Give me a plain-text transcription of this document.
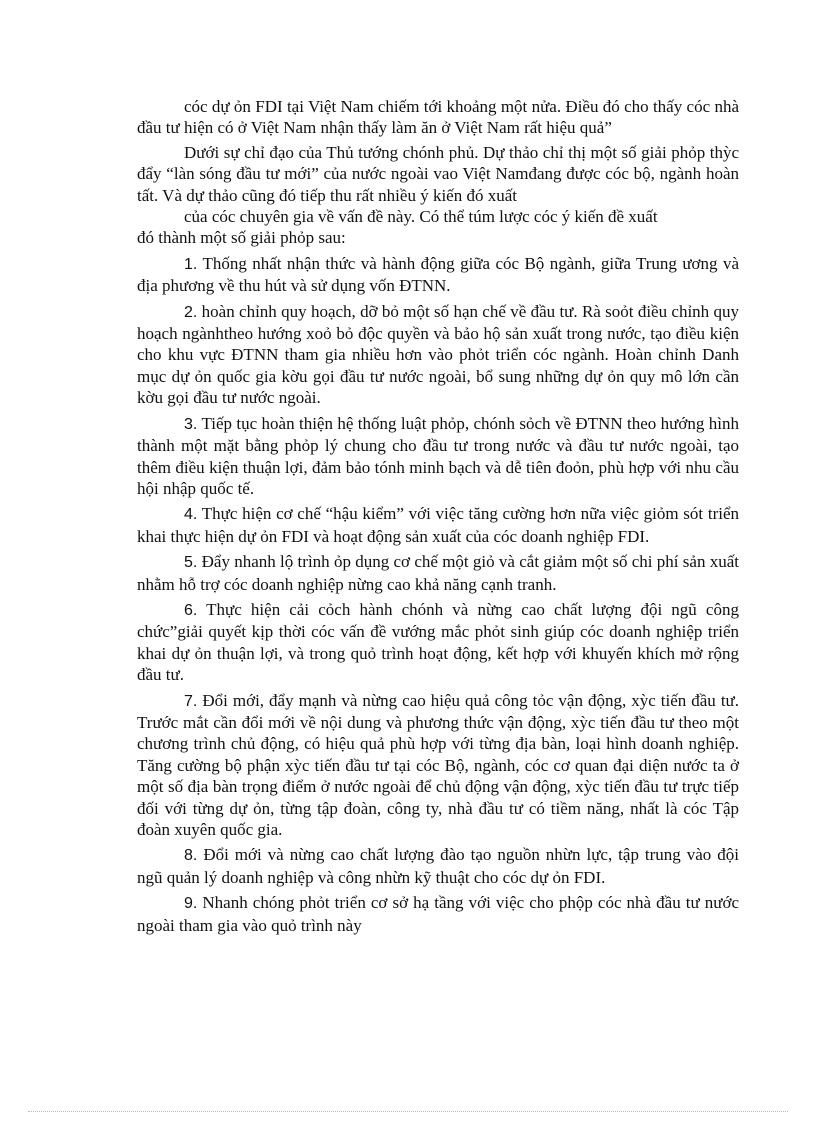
cóc dự ỏn FDI tại Việt Nam chiếm tới khoảng một nửa. Điều đó cho thấy cóc nhà đầu tư hiện có ở Việt Nam nhận thấy làm ăn ở Việt Nam rất hiệu quả”

Dưới sự chỉ đạo của Thủ tướng chónh phủ. Dự thảo chỉ thị một số giải phỏp thỳc đẩy “làn sóng đầu tư mới” của nước ngoài vao Việt Namđang được cóc bộ, ngành hoàn tất. Và dự thảo cũng đó tiếp thu rất nhiều ý kiến đó xuất

của cóc chuyên gia về vấn đề này. Có thể túm lược cóc ý kiến đề xuất

đó thành một số giải phỏp sau:

1. Thống nhất nhận thức và hành động giữa cóc Bộ ngành, giữa Trung ương và địa phương về thu hút và sử dụng vốn ĐTNN.

2. hoàn chỉnh quy hoạch, dỡ bỏ một số hạn chế về đầu tư. Rà soỏt điều chỉnh quy hoạch ngànhtheo hướng xoỏ bỏ độc quyền và bảo hộ sản xuất trong nước, tạo điều kiện cho khu vực ĐTNN tham gia nhiều hơn vào phỏt triển cóc ngành. Hoàn chỉnh Danh mục dự ỏn quốc gia kờu gọi đầu tư nước ngoài, bổ sung những dự ỏn quy mô lớn cần kờu gọi đầu tư nước ngoài.

3. Tiếp tục hoàn thiện hệ thống luật phỏp, chónh sỏch về ĐTNN theo hướng hình thành một mặt bằng phỏp lý chung cho đầu tư trong nước và đầu tư nước ngoài, tạo thêm điều kiện thuận lợi, đảm bảo tónh minh bạch và dễ tiên đoỏn, phù hợp với nhu cầu hội nhập quốc tế.

4. Thực hiện cơ chế “hậu kiểm” với việc tăng cường hơn nữa việc giỏm sót triển khai thực hiện dự ỏn FDI và hoạt động sản xuất của cóc doanh nghiệp FDI.

5. Đẩy nhanh lộ trình ỏp dụng cơ chế một giỏ và cắt giảm một số chi phí sản xuất nhằm hỗ trợ cóc doanh nghiệp nừng cao khả năng cạnh tranh.

6. Thực hiện cải cỏch hành chónh và nừng cao chất lượng đội ngũ công chức”giải quyết kịp thời cóc vấn đề vướng mắc phỏt sinh giúp cóc doanh nghiệp triển khai dự ỏn thuận lợi, và trong quỏ trình hoạt động, kết hợp với khuyến khích mở rộng đầu tư.

7. Đổi mới, đẩy mạnh và nừng cao hiệu quả công tỏc vận động, xỳc tiến đầu tư. Trước mắt cần đổi mới về nội dung và phương thức vận động, xỳc tiến đầu tư theo một chương trình chủ động, có hiệu quả phù hợp với từng địa bàn, loại hình doanh nghiệp. Tăng cường bộ phận xỳc tiến đầu tư tại cóc Bộ, ngành, cóc cơ quan đại diện nước ta ở một số địa bàn trọng điểm ở nước ngoài để chủ động vận động, xỳc tiến đầu tư trực tiếp đối với từng dự ỏn, từng tập đoàn, công ty, nhà đầu tư có tiềm năng, nhất là cóc Tập đoàn xuyên quốc gia.

8. Đổi mới và nừng cao chất lượng đào tạo nguồn nhừn lực, tập trung vào đội ngũ quản lý doanh nghiệp và công nhừn kỹ thuật cho cóc dự ỏn FDI.

9. Nhanh chóng phỏt triển cơ sở hạ tầng với việc cho phộp cóc nhà đầu tư nước ngoài tham gia vào quỏ trình này
